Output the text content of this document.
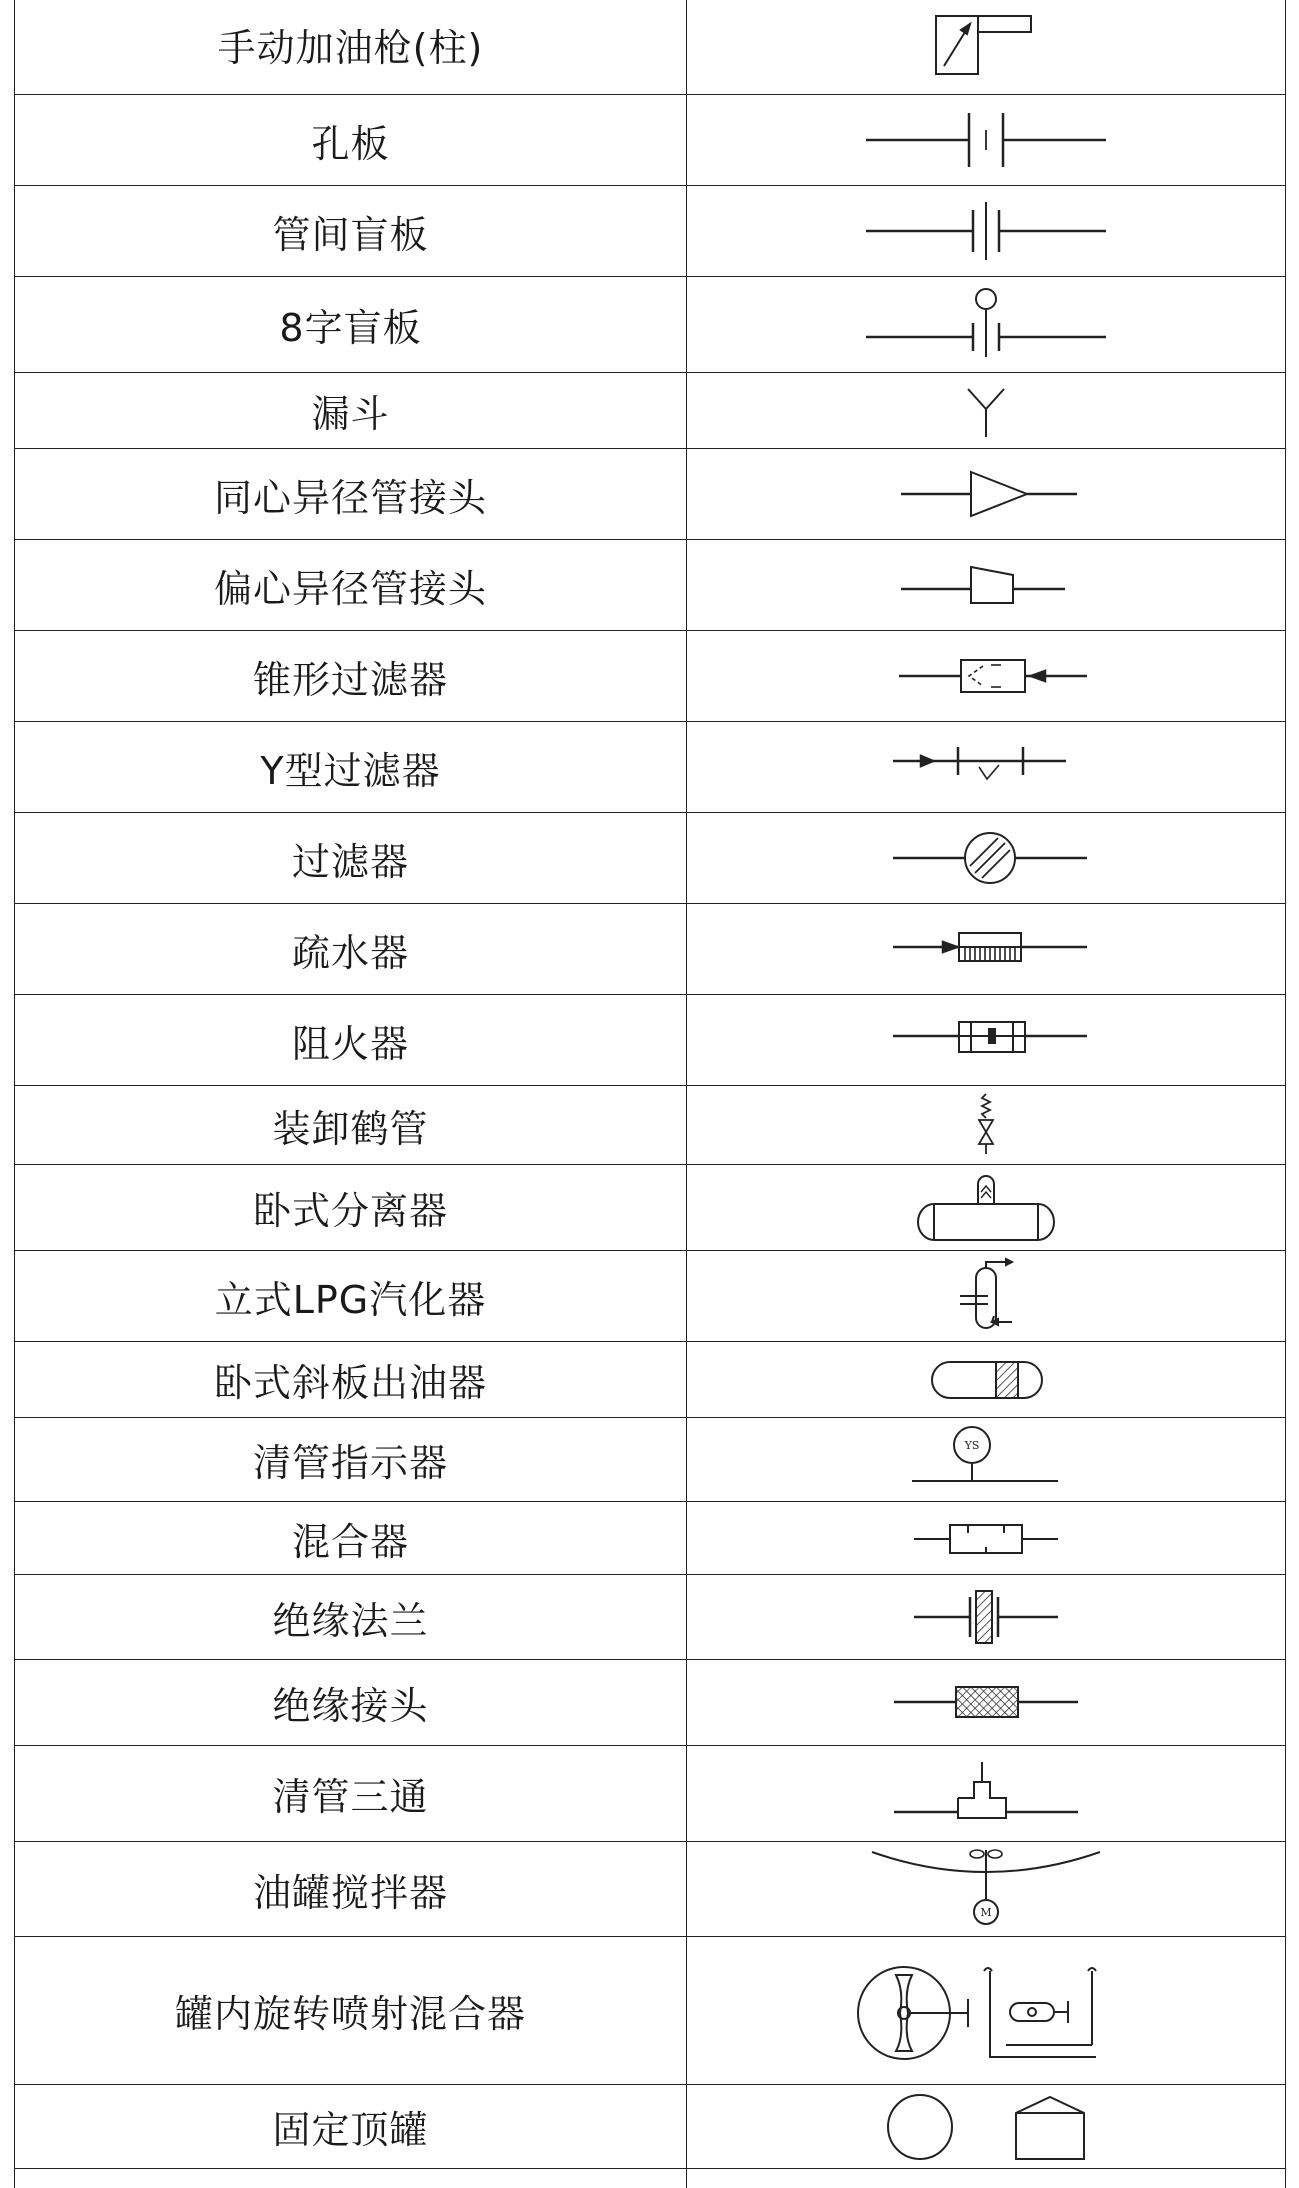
手动加油枪(柱)
孔板
管间盲板
8字盲板
漏斗
同心异径管接头
偏心异径管接头
锥形过滤器
Y型过滤器
过滤器
疏水器
阻火器
装卸鹤管
卧式分离器
立式LPG汽化器
卧式斜板出油器
清管指示器	YS
混合器
绝缘法兰
绝缘接头
清管三通
油罐搅拌器	M
罐内旋转喷射混合器
固定顶罐
